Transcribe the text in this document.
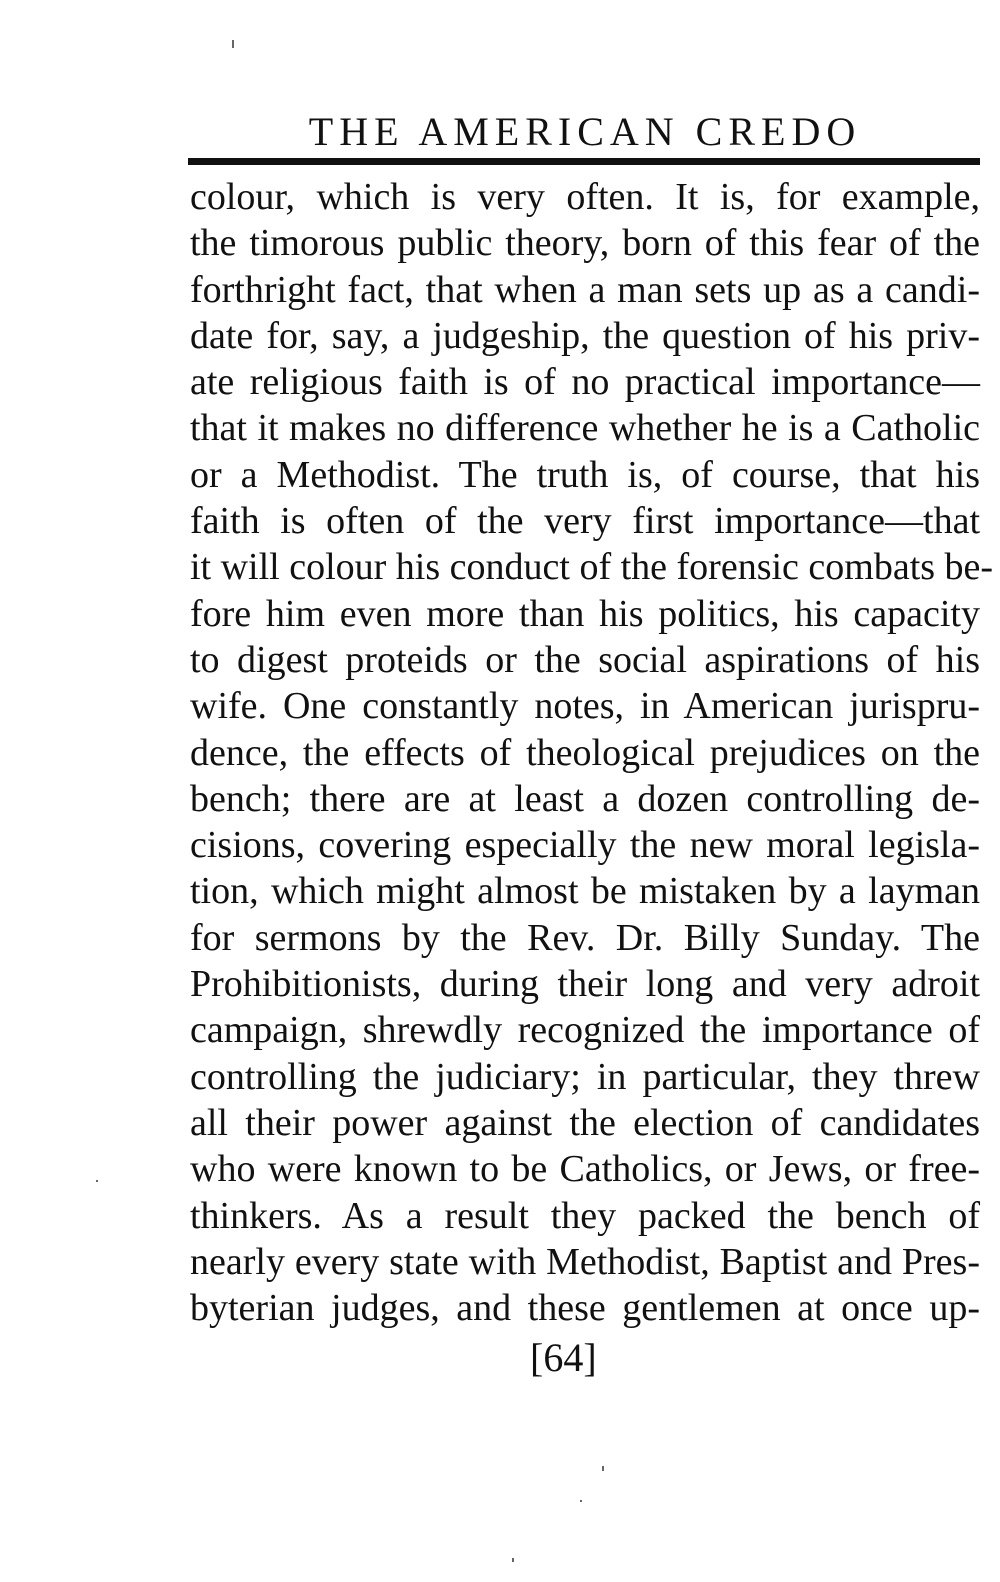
THE AMERICAN CREDO
colour, which is very often. It is, for example,
the timorous public theory, born of this fear of the
forthright fact, that when a man sets up as a candi-
date for, say, a judgeship, the question of his priv-
ate religious faith is of no practical importance—
that it makes no difference whether he is a Catholic
or a Methodist. The truth is, of course, that his
faith is often of the very first importance—that
it will colour his conduct of the forensic combats be-
fore him even more than his politics, his capacity
to digest proteids or the social aspirations of his
wife. One constantly notes, in American jurispru-
dence, the effects of theological prejudices on the
bench; there are at least a dozen controlling de-
cisions, covering especially the new moral legisla-
tion, which might almost be mistaken by a layman
for sermons by the Rev. Dr. Billy Sunday. The
Prohibitionists, during their long and very adroit
campaign, shrewdly recognized the importance of
controlling the judiciary; in particular, they threw
all their power against the election of candidates
who were known to be Catholics, or Jews, or free-
thinkers. As a result they packed the bench of
nearly every state with Methodist, Baptist and Pres-
byterian judges, and these gentlemen at once up-
[64]
